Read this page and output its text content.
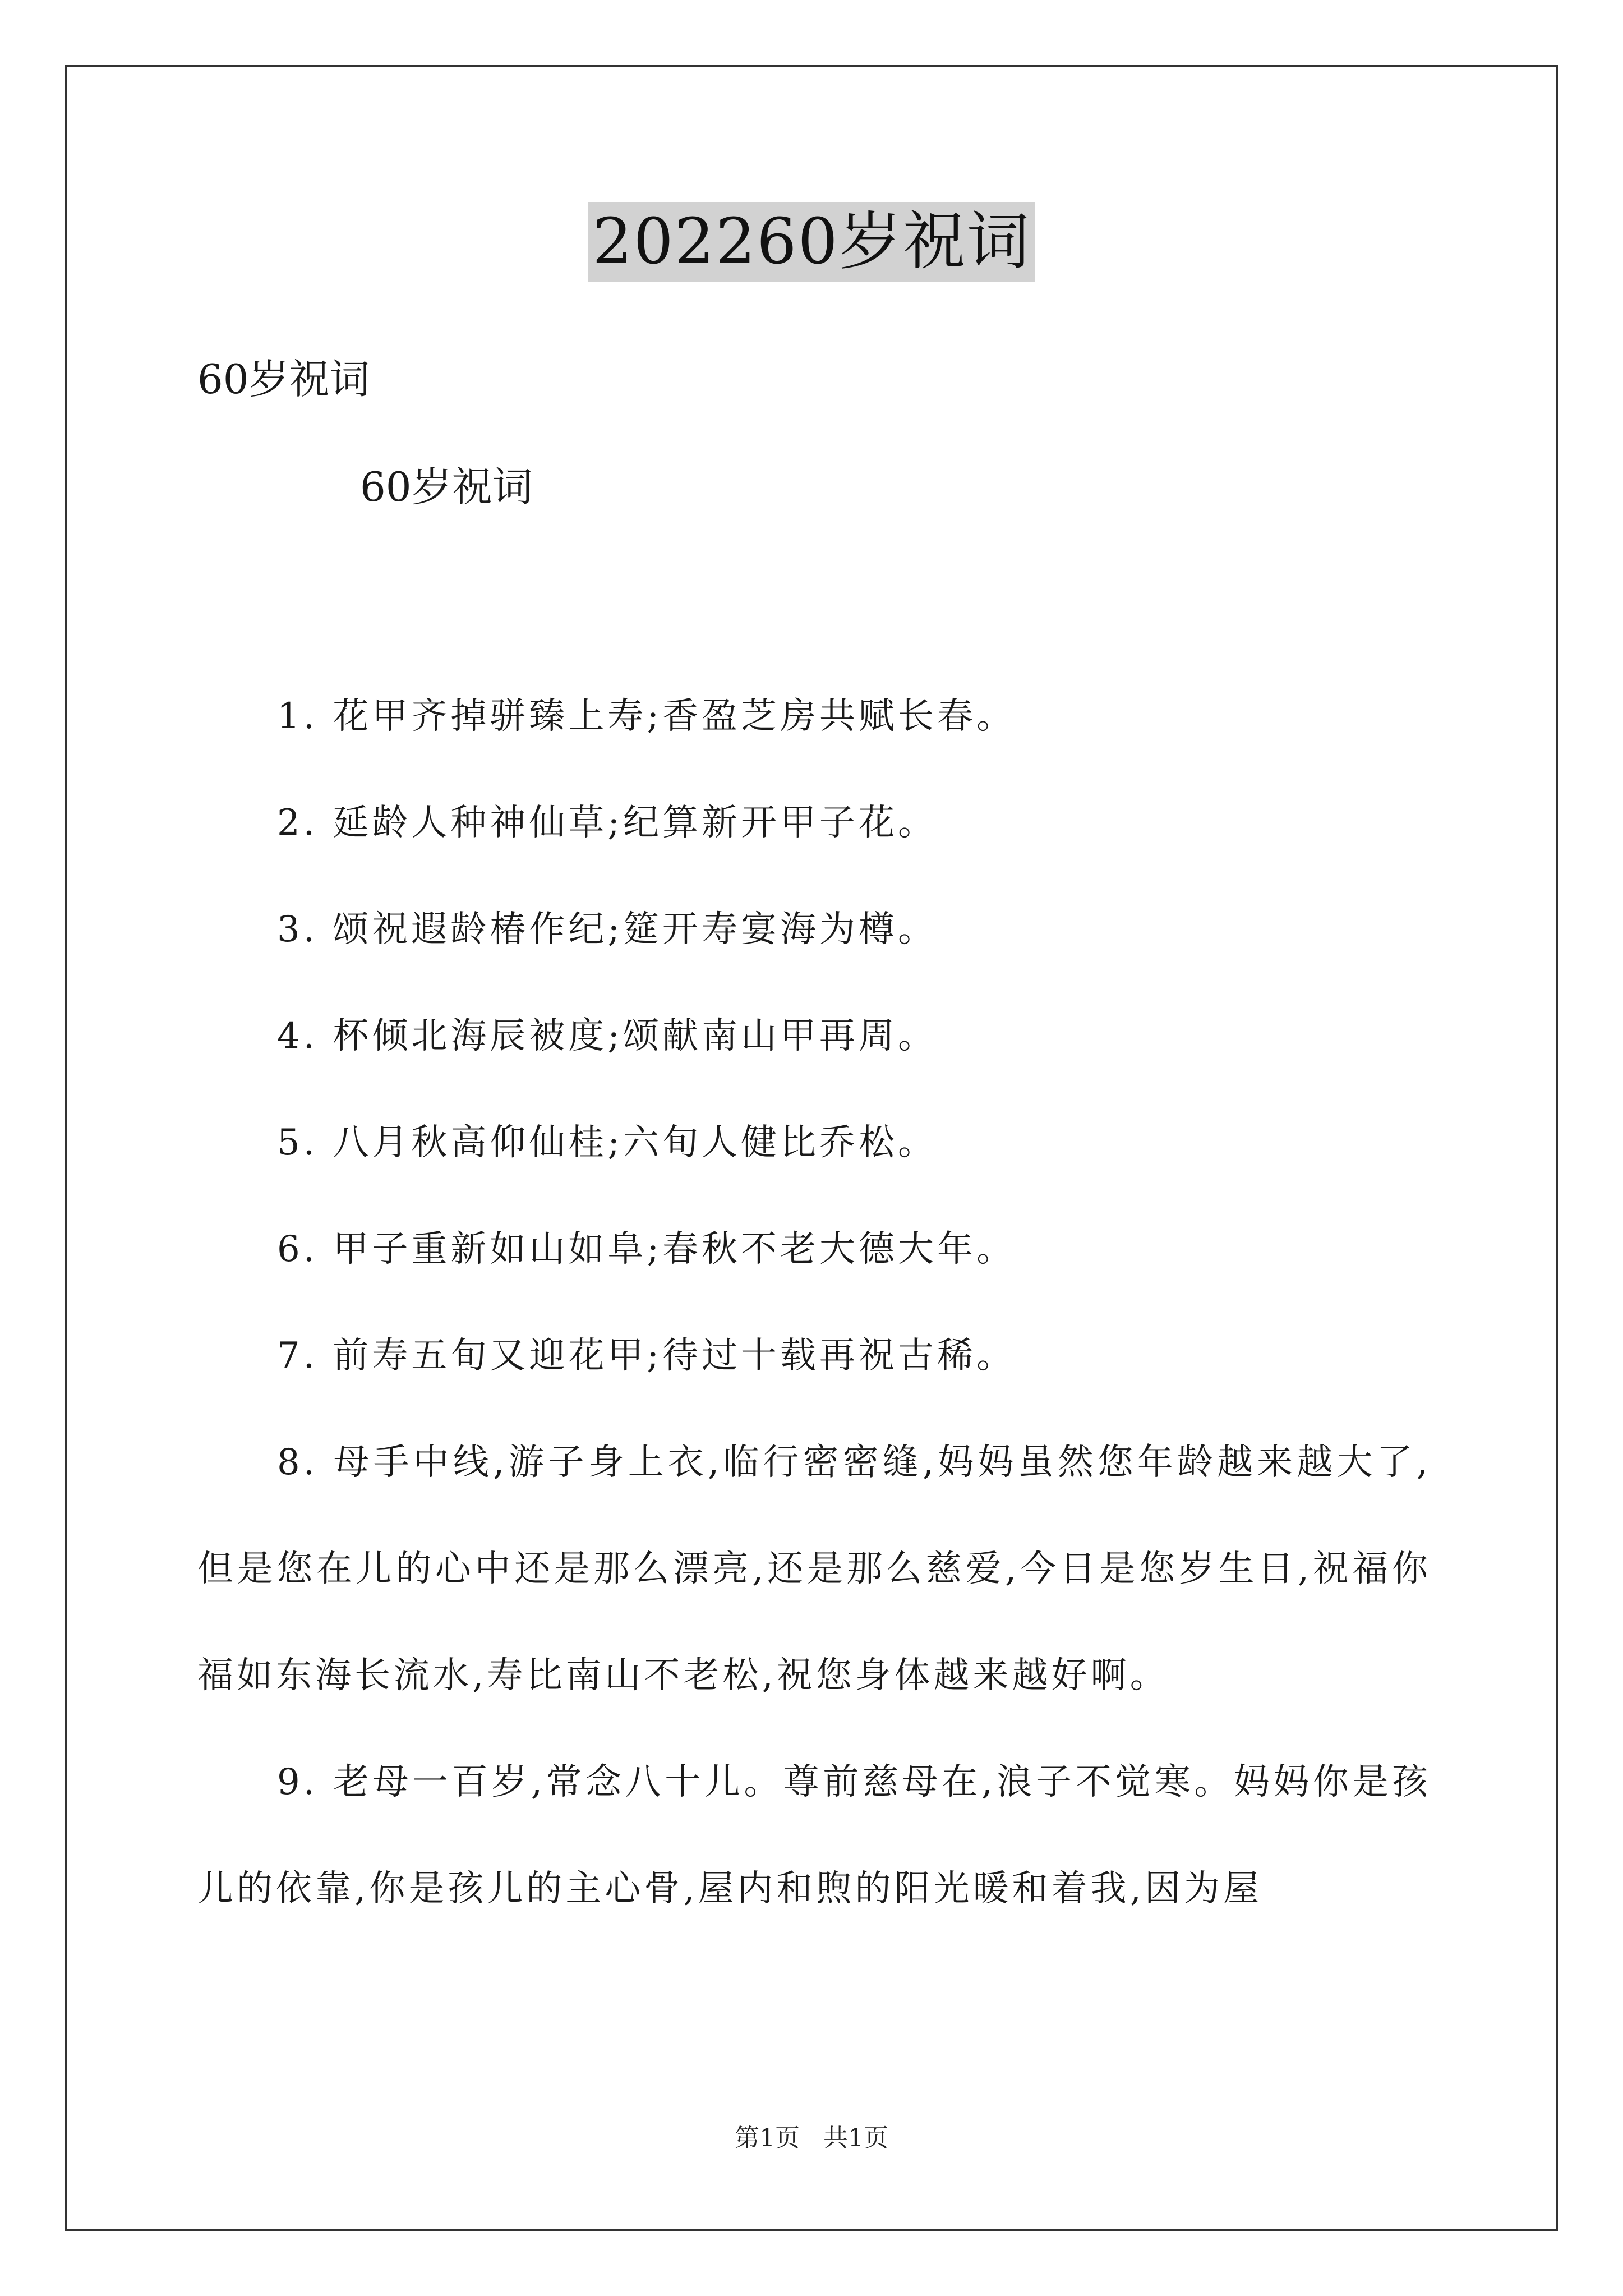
202260岁祝词
60岁祝词
60岁祝词

1. 花甲齐掉骈臻上寿;香盈芝房共赋长春。

2. 延龄人种神仙草;纪算新开甲子花。

3. 颂祝遐龄椿作纪;筵开寿宴海为樽。

4. 杯倾北海辰被度;颂献南山甲再周。

5. 八月秋高仰仙桂;六旬人健比乔松。

6. 甲子重新如山如阜;春秋不老大德大年。

7. 前寿五旬又迎花甲;待过十载再祝古稀。

8. 母手中线,游子身上衣,临行密密缝,妈妈虽然您年龄越来越大了,但是您在儿的心中还是那么漂亮,还是那么慈爱,今日是您岁生日,祝福你福如东海长流水,寿比南山不老松,祝您身体越来越好啊。

9. 老母一百岁,常念八十儿。尊前慈母在,浪子不觉寒。妈妈你是孩儿的依靠,你是孩儿的主心骨,屋内和煦的阳光暖和着我,因为屋

第1页 共1页
